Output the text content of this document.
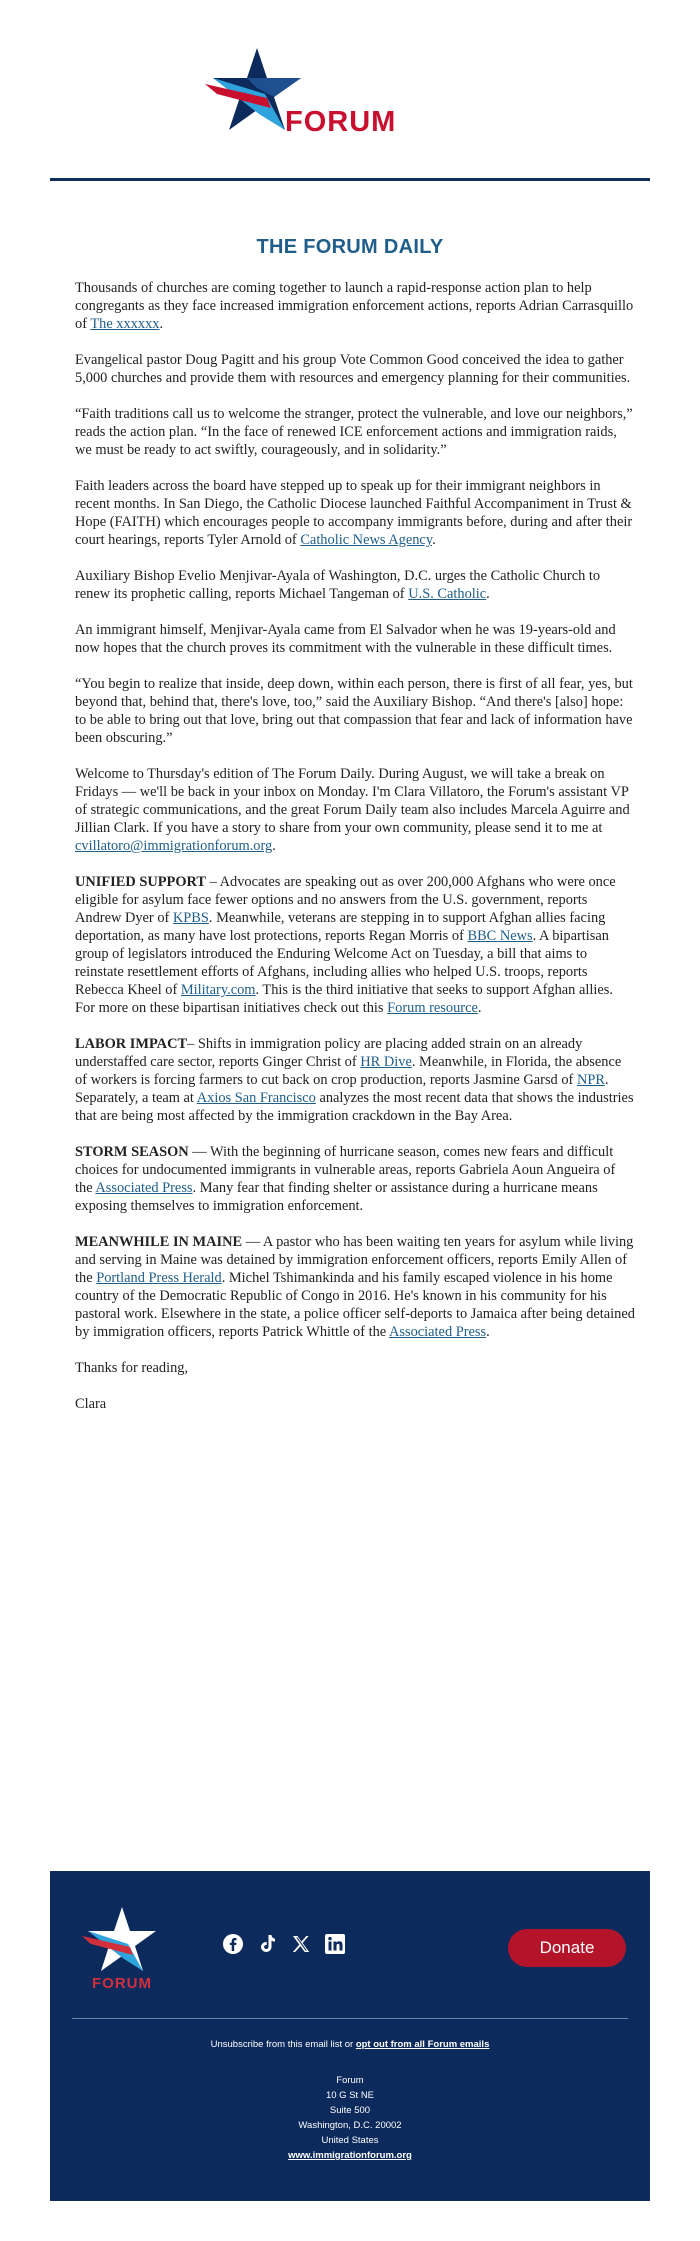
FORUM
THE FORUM DAILY

Thousands of churches are coming together to launch a rapid-response action plan to help congregants as they face increased immigration enforcement actions, reports Adrian Carrasquillo of The xxxxxx.

Evangelical pastor Doug Pagitt and his group Vote Common Good conceived the idea to gather 5,000 churches and provide them with resources and emergency planning for their communities.

“Faith traditions call us to welcome the stranger, protect the vulnerable, and love our neighbors,” reads the action plan. “In the face of renewed ICE enforcement actions and immigration raids, we must be ready to act swiftly, courageously, and in solidarity.”

Faith leaders across the board have stepped up to speak up for their immigrant neighbors in recent months. In San Diego, the Catholic Diocese launched Faithful Accompaniment in Trust & Hope (FAITH) which encourages people to accompany immigrants before, during and after their court hearings, reports Tyler Arnold of Catholic News Agency.

Auxiliary Bishop Evelio Menjivar-Ayala of Washington, D.C. urges the Catholic Church to renew its prophetic calling, reports Michael Tangeman of U.S. Catholic.

An immigrant himself, Menjivar-Ayala came from El Salvador when he was 19-years-old and now hopes that the church proves its commitment with the vulnerable in these difficult times.

“You begin to realize that inside, deep down, within each person, there is first of all fear, yes, but beyond that, behind that, there's love, too,” said the Auxiliary Bishop. “And there's [also] hope: to be able to bring out that love, bring out that compassion that fear and lack of information have been obscuring.”

Welcome to Thursday's edition of The Forum Daily. During August, we will take a break on Fridays — we'll be back in your inbox on Monday. I'm Clara Villatoro, the Forum's assistant VP of strategic communications, and the great Forum Daily team also includes Marcela Aguirre and Jillian Clark. If you have a story to share from your own community, please send it to me at cvillatoro@immigrationforum.org.

UNIFIED SUPPORT – Advocates are speaking out as over 200,000 Afghans who were once eligible for asylum face fewer options and no answers from the U.S. government, reports Andrew Dyer of KPBS. Meanwhile, veterans are stepping in to support Afghan allies facing deportation, as many have lost protections, reports Regan Morris of BBC News. A bipartisan group of legislators introduced the Enduring Welcome Act on Tuesday, a bill that aims to reinstate resettlement efforts of Afghans, including allies who helped U.S. troops, reports Rebecca Kheel of Military.com. This is the third initiative that seeks to support Afghan allies. For more on these bipartisan initiatives check out this Forum resource.

LABOR IMPACT– Shifts in immigration policy are placing added strain on an already understaffed care sector, reports Ginger Christ of HR Dive. Meanwhile, in Florida, the absence of workers is forcing farmers to cut back on crop production, reports Jasmine Garsd of NPR. Separately, a team at Axios San Francisco analyzes the most recent data that shows the industries that are being most affected by the immigration crackdown in the Bay Area.

STORM SEASON — With the beginning of hurricane season, comes new fears and difficult choices for undocumented immigrants in vulnerable areas, reports Gabriela Aoun Angueira of the Associated Press. Many fear that finding shelter or assistance during a hurricane means exposing themselves to immigration enforcement.

MEANWHILE IN MAINE — A pastor who has been waiting ten years for asylum while living and serving in Maine was detained by immigration enforcement officers, reports Emily Allen of the Portland Press Herald. Michel Tshimankinda and his family escaped violence in his home country of the Democratic Republic of Congo in 2016. He's known in his community for his pastoral work. Elsewhere in the state, a police officer self-deports to Jamaica after being detained by immigration officers, reports Patrick Whittle of the Associated Press.

Thanks for reading,

Clara

FORUM
Donate
Unsubscribe from this email list or opt out from all Forum emails
Forum
10 G St NE
Suite 500
Washington, D.C. 20002
United States
www.immigrationforum.org
